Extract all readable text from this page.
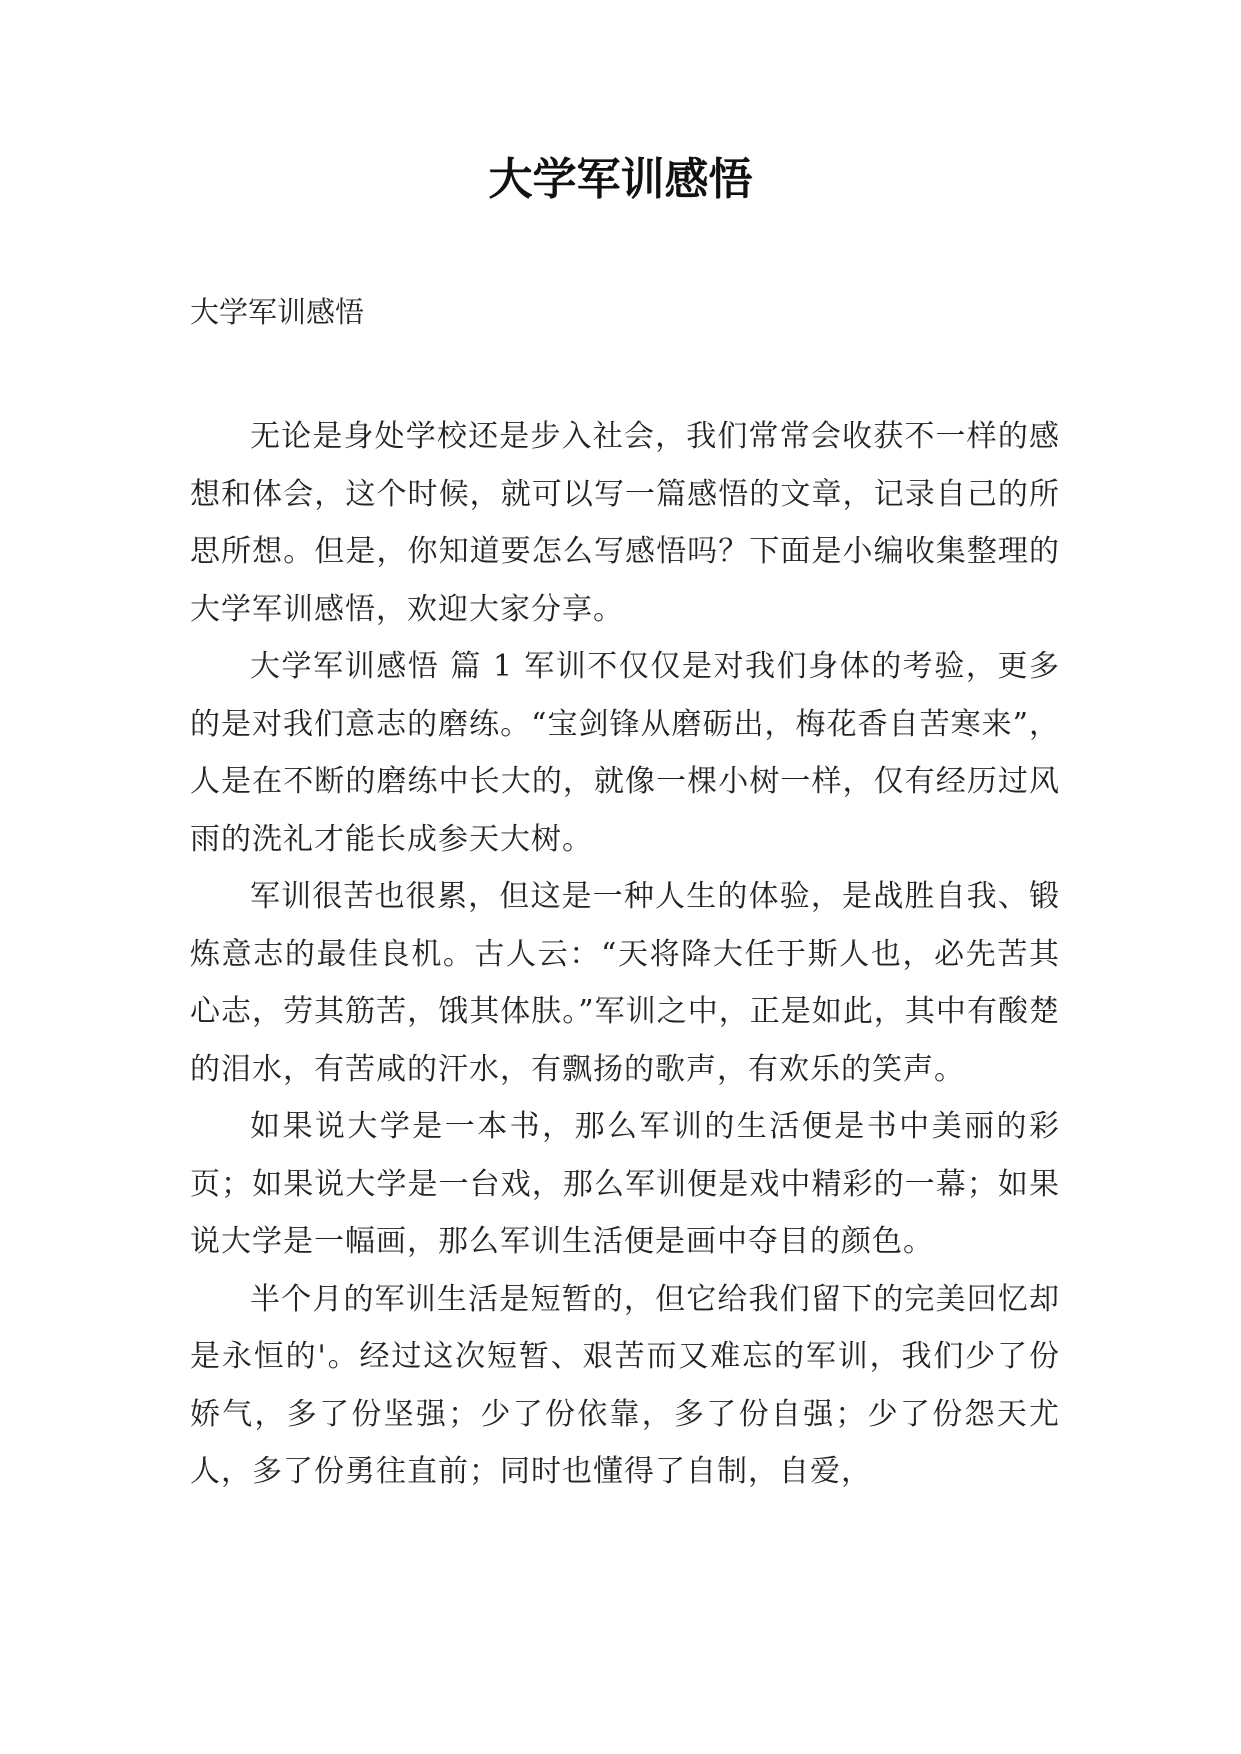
大学军训感悟

大学军训感悟

无论是身处学校还是步入社会，我们常常会收获不一样的感想和体会，这个时候，就可以写一篇感悟的文章，记录自己的所思所想。但是，你知道要怎么写感悟吗？下面是小编收集整理的大学军训感悟，欢迎大家分享。

大学军训感悟 篇 1 军训不仅仅是对我们身体的考验，更多的是对我们意志的磨练。“宝剑锋从磨砺出，梅花香自苦寒来”，人是在不断的磨练中长大的，就像一棵小树一样，仅有经历过风雨的洗礼才能长成参天大树。

军训很苦也很累，但这是一种人生的体验，是战胜自我、锻炼意志的最佳良机。古人云：“天将降大任于斯人也，必先苦其心志，劳其筋苦，饿其体肤。”军训之中，正是如此，其中有酸楚的泪水，有苦咸的汗水，有飘扬的歌声，有欢乐的笑声。

如果说大学是一本书，那么军训的生活便是书中美丽的彩页；如果说大学是一台戏，那么军训便是戏中精彩的一幕；如果说大学是一幅画，那么军训生活便是画中夺目的颜色。

半个月的军训生活是短暂的，但它给我们留下的完美回忆却是永恒的'。经过这次短暂、艰苦而又难忘的军训，我们少了份娇气，多了份坚强；少了份依靠，多了份自强；少了份怨天尤人，多了份勇往直前；同时也懂得了自制，自爱，
